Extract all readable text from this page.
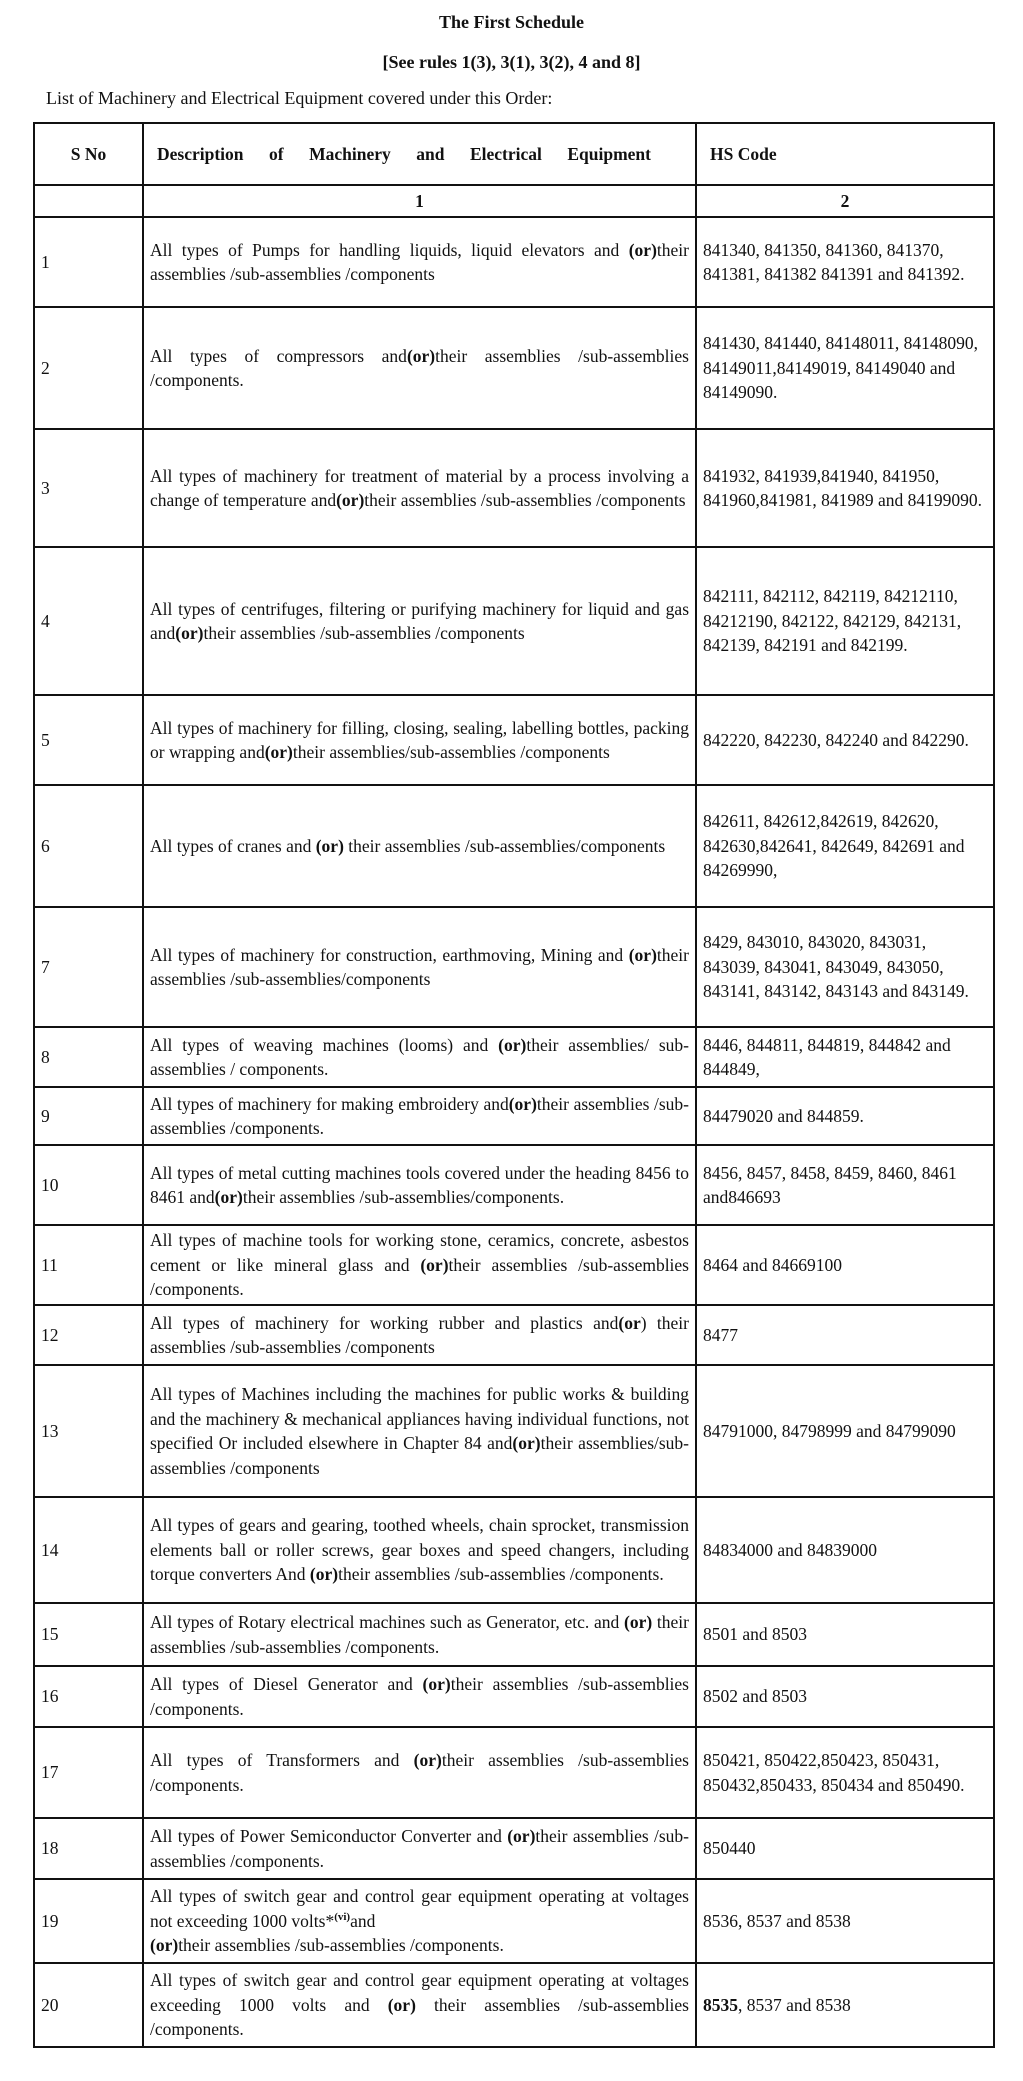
The First Schedule
[See rules 1(3), 3(1), 3(2), 4 and 8]
List of Machinery and Electrical Equipment covered under this Order:
S No	Description of Machinery and Electrical Equipment	HS Code
	1	2
1	All types of Pumps for handling liquids, liquid elevators and (or)their assemblies /sub-assemblies /components	841340, 841350, 841360, 841370, 841381, 841382 841391 and 841392.
2	All types of compressors and(or)their assemblies /sub-assemblies /components.	841430, 841440, 84148011, 84148090, 84149011,84149019, 84149040 and 84149090.
3	All types of machinery for treatment of material by a process involving a change of temperature and(or)their assemblies /sub-assemblies /components	841932, 841939,841940, 841950, 841960,841981, 841989 and 84199090.
4	All types of centrifuges, filtering or purifying machinery for liquid and gas and(or)their assemblies /sub-assemblies /components	842111, 842112, 842119, 84212110, 84212190, 842122, 842129, 842131, 842139, 842191 and 842199.
5	All types of machinery for filling, closing, sealing, labelling bottles, packing or wrapping and(or)their assemblies/sub-assemblies /components	842220, 842230, 842240 and 842290.
6	All types of cranes and (or) their assemblies /sub-assemblies/components	842611, 842612,842619, 842620, 842630,842641, 842649, 842691 and 84269990,
7	All types of machinery for construction, earthmoving, Mining and (or)their assemblies /sub-assemblies/components	8429, 843010, 843020, 843031, 843039, 843041, 843049, 843050, 843141, 843142, 843143 and 843149.
8	All types of weaving machines (looms) and (or)their assemblies/ sub-assemblies / components.	8446, 844811, 844819, 844842 and 844849,
9	All types of machinery for making embroidery and(or)their assemblies /sub-assemblies /components.	84479020 and 844859.
10	All types of metal cutting machines tools covered under the heading 8456 to 8461 and(or)their assemblies /sub-assemblies/components.	8456, 8457, 8458, 8459, 8460, 8461 and846693
11	All types of machine tools for working stone, ceramics, concrete, asbestos cement or like mineral glass and (or)their assemblies /sub-assemblies /components.	8464 and 84669100
12	All types of machinery for working rubber and plastics and(or) their assemblies /sub-assemblies /components	8477
13	All types of Machines including the machines for public works & building and the machinery & mechanical appliances having individual functions, not specified Or included elsewhere in Chapter 84 and(or)their assemblies/sub-assemblies /components	84791000, 84798999 and 84799090
14	All types of gears and gearing, toothed wheels, chain sprocket, transmission elements ball or roller screws, gear boxes and speed changers, including torque converters And (or)their assemblies /sub-assemblies /components.	84834000 and 84839000
15	All types of Rotary electrical machines such as Generator, etc. and (or) their assemblies /sub-assemblies /components.	8501 and 8503
16	All types of Diesel Generator and (or)their assemblies /sub-assemblies /components.	8502 and 8503
17	All types of Transformers and (or)their assemblies /sub-assemblies /components.	850421, 850422,850423, 850431, 850432,850433, 850434 and 850490.
18	All types of Power Semiconductor Converter and (or)their assemblies /sub-assemblies /components.	850440
19	All types of switch gear and control gear equipment operating at voltages not exceeding 1000 volts*$^{(vi)}$and
(or)their assemblies /sub-assemblies /components.	8536, 8537 and 8538
20	All types of switch gear and control gear equipment operating at voltages exceeding 1000 volts and (or) their assemblies /sub-assemblies /components.	8535, 8537 and 8538
